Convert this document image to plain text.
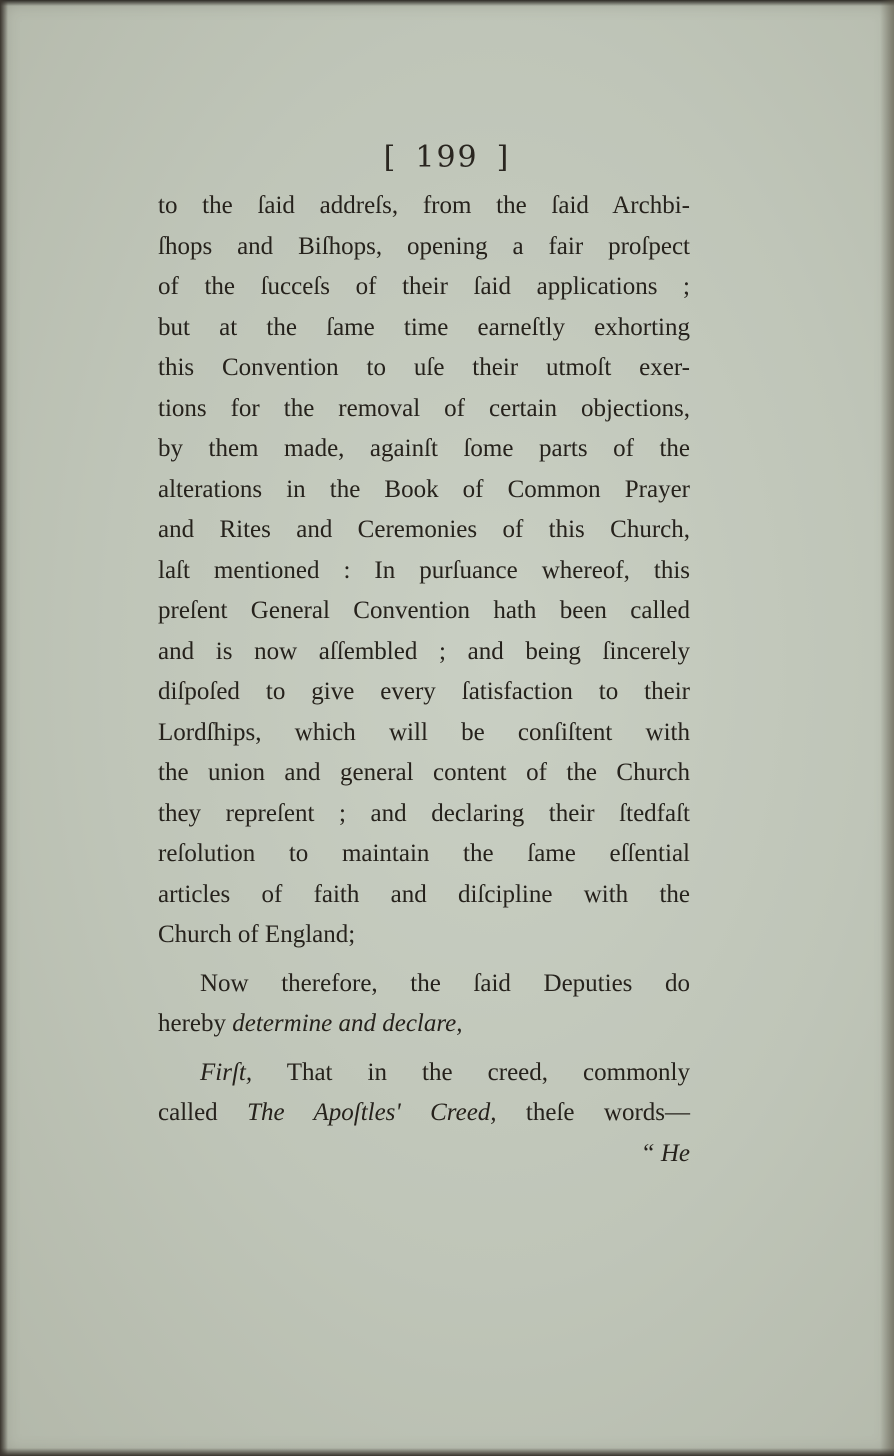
[ 199 ]
to the ſaid addreſs, from the ſaid Archbi-
ſhops and Biſhops, opening a fair proſpect
of the ſucceſs of their ſaid applications ;
but at the ſame time earneſtly exhorting
this Convention to uſe their utmoſt exer-
tions for the removal of certain objections,
by them made, againſt ſome parts of the
alterations in the Book of Common Prayer
and Rites and Ceremonies of this Church,
laſt mentioned : In purſuance whereof, this
preſent General Convention hath been called
and is now aſſembled ; and being ſincerely
diſpoſed to give every ſatisfaction to their
Lordſhips, which will be conſiſtent with
the union and general content of the Church
they repreſent ; and declaring their ſtedfaſt
reſolution to maintain the ſame eſſential
articles of faith and diſcipline with the
Church of England;
Now therefore, the ſaid Deputies do
hereby determine and declare,
Firſt, That in the creed, commonly
called The Apoſtles' Creed, theſe words—
“ He
